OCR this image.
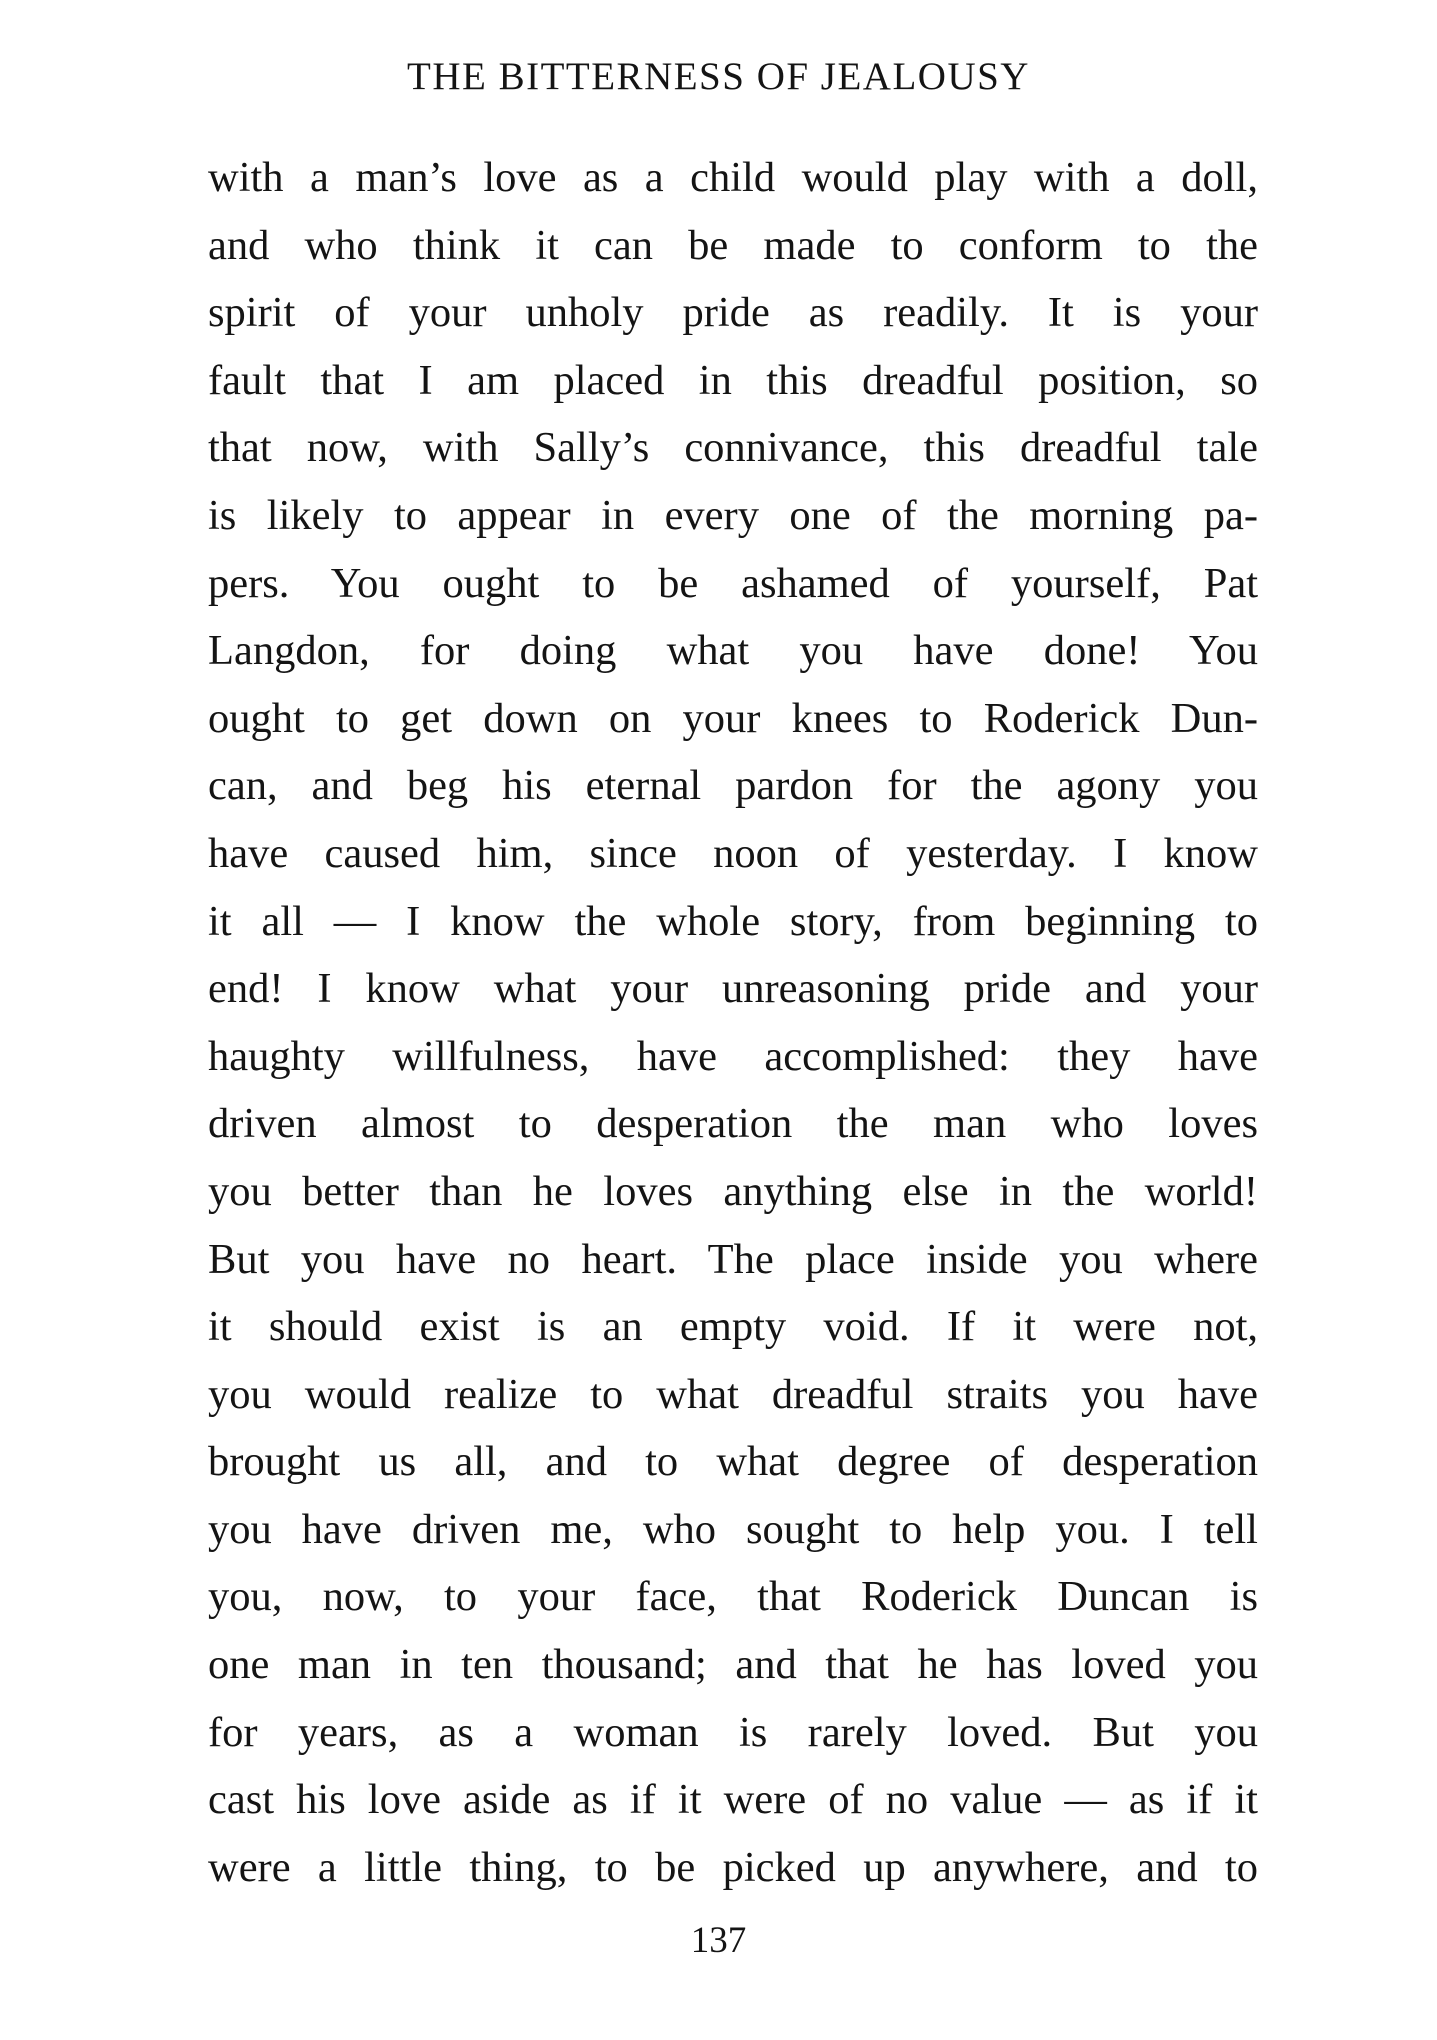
THE BITTERNESS OF JEALOUSY
with a man’s love as a child would play with a doll,
and who think it can be made to conform to the
spirit of your unholy pride as readily. It is your
fault that I am placed in this dreadful position, so
that now, with Sally’s connivance, this dreadful tale
is likely to appear in every one of the morning pa-
pers. You ought to be ashamed of yourself, Pat
Langdon, for doing what you have done! You
ought to get down on your knees to Roderick Dun-
can, and beg his eternal pardon for the agony you
have caused him, since noon of yesterday. I know
it all — I know the whole story, from beginning to
end! I know what your unreasoning pride and your
haughty willfulness, have accomplished: they have
driven almost to desperation the man who loves
you better than he loves anything else in the world!
But you have no heart. The place inside you where
it should exist is an empty void. If it were not,
you would realize to what dreadful straits you have
brought us all, and to what degree of desperation
you have driven me, who sought to help you. I tell
you, now, to your face, that Roderick Duncan is
one man in ten thousand; and that he has loved you
for years, as a woman is rarely loved. But you
cast his love aside as if it were of no value — as if it
were a little thing, to be picked up anywhere, and to
137
